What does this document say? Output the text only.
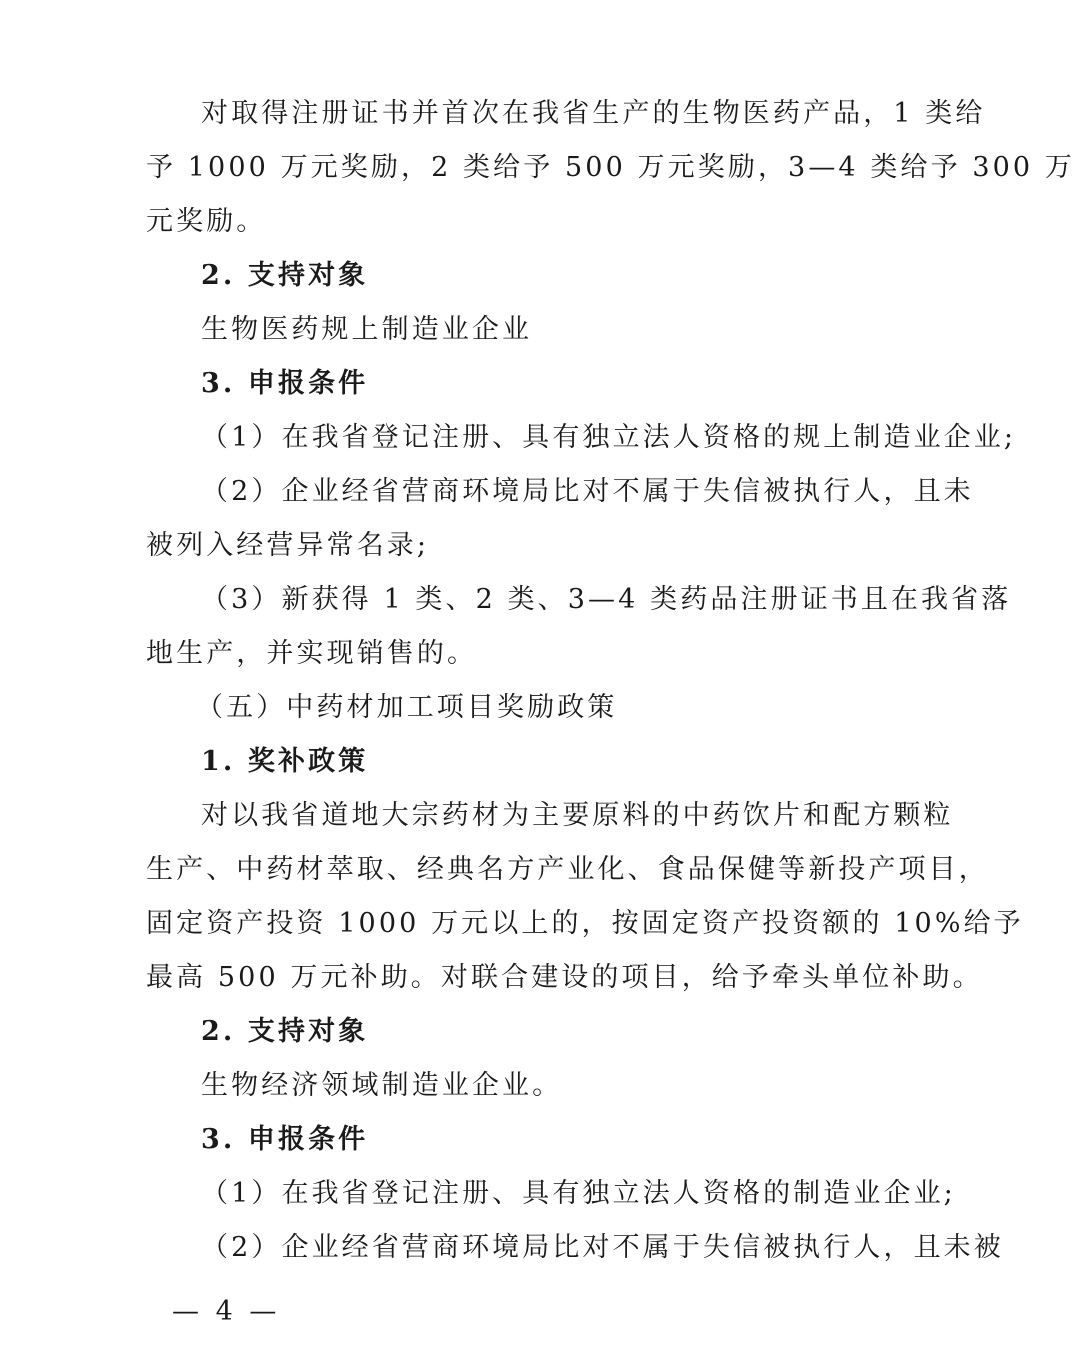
对取得注册证书并首次在我省生产的生物医药产品，1 类给
予 1000 万元奖励，2 类给予 500 万元奖励，3—4 类给予 300 万
元奖励。
2. 支持对象
生物医药规上制造业企业
3. 申报条件
（1）在我省登记注册、具有独立法人资格的规上制造业企业;
（2）企业经省营商环境局比对不属于失信被执行人，且未
被列入经营异常名录;
（3）新获得 1 类、2 类、3—4 类药品注册证书且在我省落
地生产，并实现销售的。
（五）中药材加工项目奖励政策
1. 奖补政策
对以我省道地大宗药材为主要原料的中药饮片和配方颗粒
生产、中药材萃取、经典名方产业化、食品保健等新投产项目，
固定资产投资 1000 万元以上的，按固定资产投资额的 10%给予
最高 500 万元补助。对联合建设的项目，给予牵头单位补助。
2. 支持对象
生物经济领域制造业企业。
3. 申报条件
（1）在我省登记注册、具有独立法人资格的制造业企业;
（2）企业经省营商环境局比对不属于失信被执行人，且未被
— 4 —
